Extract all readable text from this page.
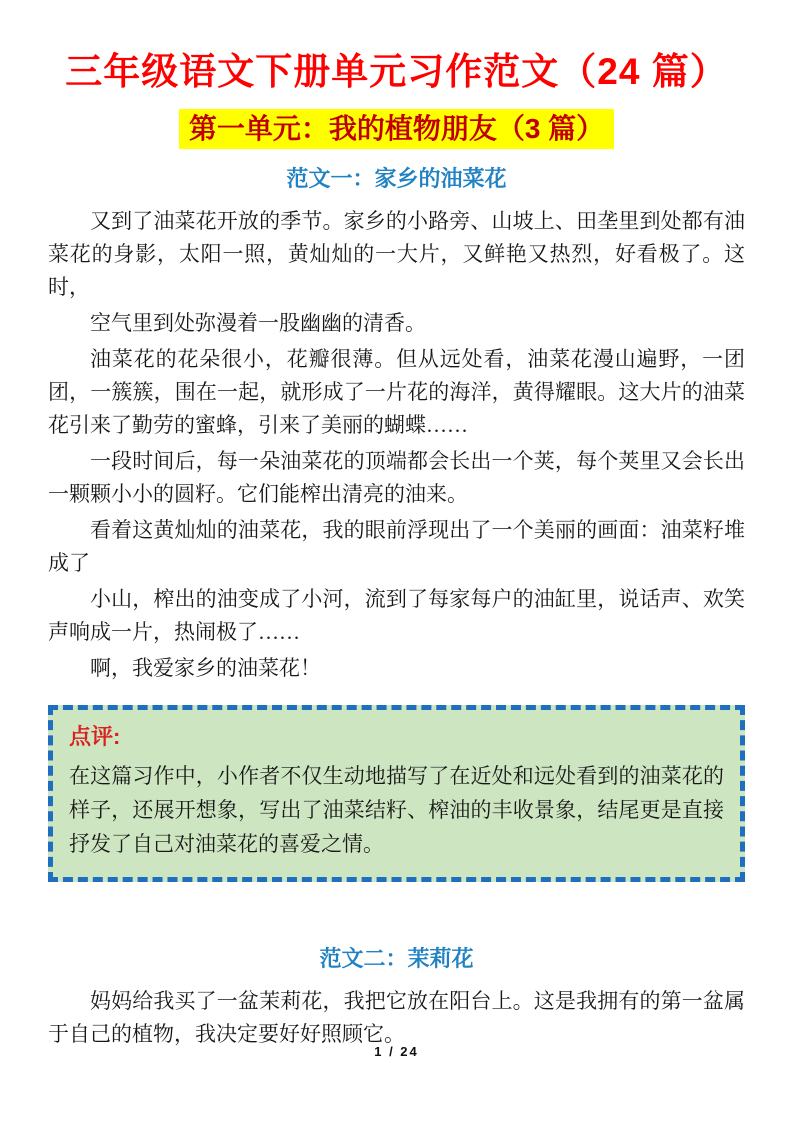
三年级语文下册单元习作范文（24 篇）
第一单元：我的植物朋友（3 篇）
范文一：家乡的油菜花

又到了油菜花开放的季节。家乡的小路旁、山坡上、田垄里到处都有油菜花的身影，太阳一照，黄灿灿的一大片，又鲜艳又热烈，好看极了。这时，

空气里到处弥漫着一股幽幽的清香。

油菜花的花朵很小，花瓣很薄。但从远处看，油菜花漫山遍野，一团团，一簇簇，围在一起，就形成了一片花的海洋，黄得耀眼。这大片的油菜花引来了勤劳的蜜蜂，引来了美丽的蝴蝶……

一段时间后，每一朵油菜花的顶端都会长出一个荚，每个荚里又会长出一颗颗小小的圆籽。它们能榨出清亮的油来。

看着这黄灿灿的油菜花，我的眼前浮现出了一个美丽的画面：油菜籽堆成了

小山，榨出的油变成了小河，流到了每家每户的油缸里，说话声、欢笑声响成一片，热闹极了……

啊，我爱家乡的油菜花！

点评:
在这篇习作中，小作者不仅生动地描写了在近处和远处看到的油菜花的样子，还展开想象，写出了油菜结籽、榨油的丰收景象，结尾更是直接抒发了自己对油菜花的喜爱之情。
范文二：茉莉花

妈妈给我买了一盆茉莉花，我把它放在阳台上。这是我拥有的第一盆属于自己的植物，我决定要好好照顾它。

1 / 24
